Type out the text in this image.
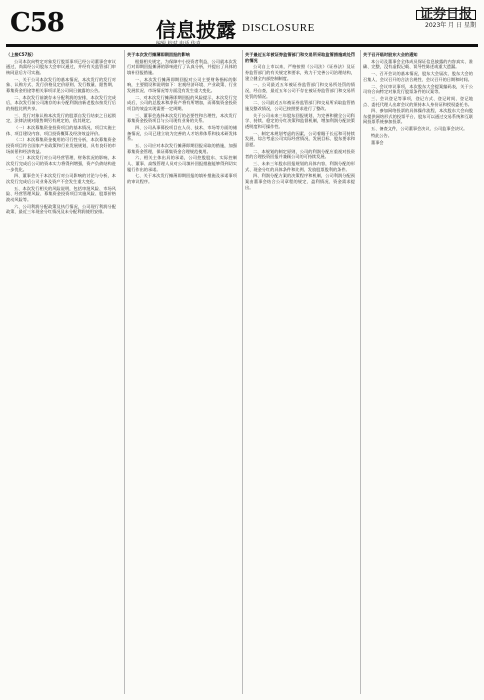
C58	信息披露 DISCLOSURE
证券日报
2023年 月 日 星期
编辑 校对 电话 传真

（上接C57版）

公司本次向特定对象发行股票事项已经公司董事会审议通过，尚需经公司股东大会审议通过，并经有关监管部门审核同意后方可实施。

一、关于公司本次发行的基本情况，本次发行的发行对象、认购方式、发行价格及定价原则、发行数量、限售期、募集资金用途等相关事项详见公司同日披露的公告。

二、本次发行前滚存未分配利润的安排，本次发行完成后，本次发行前公司滚存的未分配利润由新老股东按发行后的持股比例共享。

三、发行对象认购本次发行的股票自发行结束之日起锁定，法律法规对限售期另有规定的，依其规定。

（一）本次募集资金投资项目的基本情况，项目实施主体、项目建设内容、项目投资概算及经济效益评价。

（二）本次募集资金使用的可行性分析，本次募集资金投资项目符合国家产业政策和行业发展规划，具有良好的市场前景和经济效益。

（三）本次发行对公司经营管理、财务状况的影响，本次发行完成后公司的资本实力将得到增强，资产负债结构进一步优化。

四、董事会关于本次发行对公司影响的讨论与分析，本次发行完成后公司业务及资产不会发生重大变化。

五、本次发行相关的风险说明，包括审批风险、市场风险、经营管理风险、募集资金投资项目实施风险、股票价格波动风险等。

六、公司利润分配政策及执行情况，公司现行利润分配政策、最近三年现金分红情况及未分配利润使用安排。

关于本次发行摊薄即期回报的影响

根据相关规定，为保障中小投资者利益，公司就本次发行对即期回报摊薄的影响进行了认真分析，并提出了具体的填补回报措施。

一、本次发行摊薄即期回报对公司主要财务指标的影响，主要假设和说明如下：宏观经济环境、产业政策、行业发展状况、市场情况等方面没有发生重大变化。

二、对本次发行摊薄即期回报的风险提示，本次发行完成后，公司的总股本和净资产将有所增加，而募集资金投资项目的效益实现需要一定周期。

三、董事会选择本次发行的必要性和合理性，本次发行募集资金投资项目与公司现有业务的关系。

四、公司从事募投项目在人员、技术、市场等方面的储备情况，公司已建立较为完善的人才培养体系和技术研发体系。

五、公司应对本次发行摊薄即期回报采取的措施，加强募集资金管理，保证募集资金合理规范使用。

六、相关主体出具的承诺，公司控股股东、实际控制人、董事、高级管理人员对公司填补回报措施能够得到切实履行作出的承诺。

七、关于本次发行摊薄即期回报的填补措施及承诺事项的审议程序。

关于最近五年被证券监管部门和交易所采取监管措施或处罚的情况

公司自上市以来，严格按照《公司法》《证券法》及证券监管部门的有关规定和要求，致力于完善公司治理结构，建立健全内部控制制度。

一、公司最近五年被证券监管部门和交易所处罚的情况，经自查，最近五年公司不存在被证券监管部门和交易所处罚的情况。

二、公司最近五年被证券监管部门和交易所采取监管措施及整改情况，公司已按照要求进行了整改。

关于公司未来三年股东回报规划，为完善和健全公司科学、持续、稳定的分红决策和监督机制，增加利润分配决策透明度和可操作性。

一、制定本规划考虑的因素，公司着眼于长远和可持续发展，综合考虑公司实际经营情况、发展目标、股东要求和意愿。

二、本规划的制定原则，公司的利润分配应重视对投资者的合理投资回报并兼顾公司的可持续发展。

三、未来三年股东回报规划的具体内容，利润分配的形式、现金分红的具体条件和比例、发放股票股利的条件。

四、利润分配方案的决策程序和机制，公司利润分配预案由董事会结合公司章程的规定、盈利情况、资金需求提出。

关于召开临时股东大会的通知

本公司及董事会全体成员保证信息披露的内容真实、准确、完整，没有虚假记载、误导性陈述或重大遗漏。

一、召开会议的基本情况，股东大会届次、股东大会的召集人、会议召开的合法合规性、会议召开的日期和时间。

二、会议审议事项，本次股东大会提案编码表，关于公司符合向特定对象发行股票条件的议案等。

三、会议登记等事项，登记方式、登记时间、登记地点、委托代理人出席会议的须持本人身份证和授权委托书。

四、参加网络投票的具体操作流程，本次股东大会向股东提供网络形式的投票平台，股东可以通过交易系统和互联网投票系统参加投票。

五、备查文件，公司董事会决议、公司监事会决议。

特此公告。

董事会
